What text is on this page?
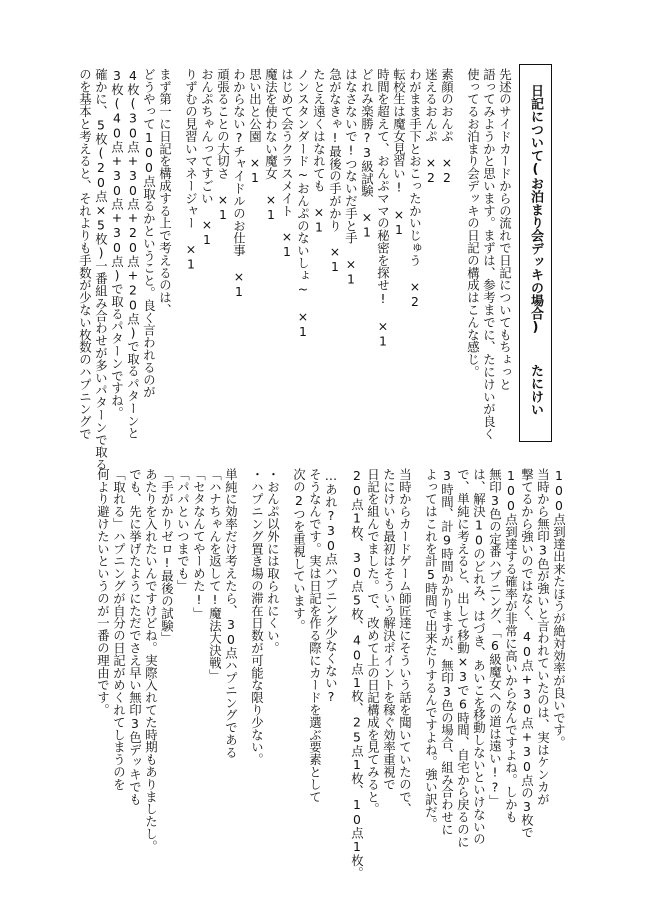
日記について(お泊まり会デッキの場合)
たにけい
先述のサイドカードからの流れで日記についてもちょっと
語ってみようかと思います。まずは、参考までに、たにけいが良く
使ってるお泊まり会デッキの日記の構成はこんな感じ。
素顔のおんぷ　×2
迷えるおんぷ　×2
わがまま手下とおこったかいじゅう　×2
転校生は魔女見習い!　×1
時間を超えて、おんぷママの秘密を探せ!　×1
どれみ楽勝?3級試験　×1
はなさないで!つないだ手と手　×1
急がなきゃ!最後の手がかり　×1
たとえ遠くはなれても　×1
ノンスタンダード~おんぷのないしょ~　×1
はじめて会うクラスメイト　×1
魔法を使わない魔女　×1
思い出と公園　×1
わからない?チャイドルのお仕事　×1
頑張ることの大切さ　×1
おんぷちゃんってすごい　×1
りずむの見習いマネージャー　×1
まず第一に日記を構成する上で考えるのは、
どうやって100点取るかということ。良く言われるのが
4枚(30点+30点+20点+20点)で取るパターンと
3枚(40点+30点+30点)で取るパターンですね。
確かに、5枚(20点×5枚)一番組み合わせが多いパターンで取る
のを基本と考えると、それよりも手数が少ない枚数のハプニングで
100点到達出来たほうが絶対効率が良いです。
当時から無印3色が強いと言われていたのは、実はケンカが
撃てるから強いのではなく、40点+30点+30点の3枚で
100点到達する確率が非常に高いからなんですよね。しかも
無印3色の定番ハプニング、「6級魔女への道は遠い!?」
は、解決10のどれみ、はづき、あいこを移動しないといけないの
で、単純に考えると、出して移動×3で6時間、自宅から戻るのに
3時間、計9時間かかりますが、無印3色の場合、組み合わせに
よってはこれを計5時間で出来たりするんですよね。強い訳だ。
当時からカードゲーム師匠達にそういう話を聞いていたので、
たにけいも最初はそういう解決ポイントを稼ぐ効率重視で
日記を組んでました。で、改めて上の日記構成を見てみると。
20点1枚、30点5枚、40点1枚、25点1枚、10点1枚。
…あれ?30点ハプニング少なくない?
そうなんです。実は日記を作る際にカードを選ぶ要素として
次の2つを重視しています。
・おんぷ以外には取られにくい。
・ハプニング置き場の滞在日数が可能な限り少ない。
単純に効率だけ考えたら、30点ハプニングである
「ハナちゃんを返して!魔法大決戦」
「セタなんてやーめた!」
「パパといつまでも」
「手がかりゼロ!最後の試験」
あたりを入れたいんですけどね。実際入れてた時期もありましたし。
でも、先に挙げたようにただでさえ早い無印3色デッキでも
「取れる」ハプニングが自分の日記がめくれてしまうのを
何より避けたいというのが一番の理由です。
